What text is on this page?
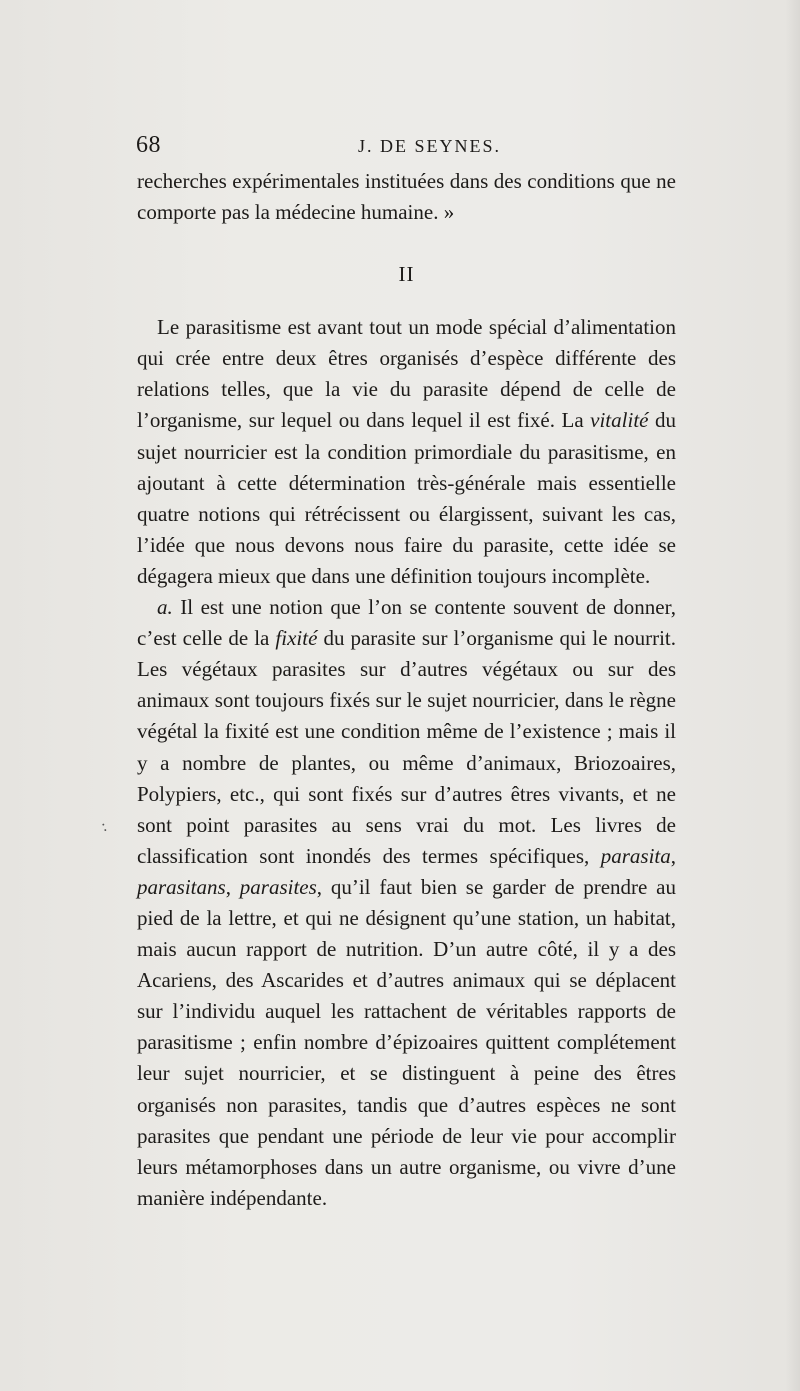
68	J. DE SEYNES.
:

recherches expérimentales instituées dans des conditions que ne comporte pas la médecine humaine. »

II

Le parasitisme est avant tout un mode spécial d’alimentation qui crée entre deux êtres organisés d’espèce différente des relations telles, que la vie du parasite dépend de celle de l’organisme, sur lequel ou dans lequel il est fixé. La vitalité du sujet nourricier est la condition primordiale du parasitisme, en ajoutant à cette détermination très-générale mais essentielle quatre notions qui rétrécissent ou élargissent, suivant les cas, l’idée que nous devons nous faire du parasite, cette idée se dégagera mieux que dans une définition toujours incomplète.

a. Il est une notion que l’on se contente souvent de donner, c’est celle de la fixité du parasite sur l’organisme qui le nourrit. Les végétaux parasites sur d’autres végétaux ou sur des animaux sont toujours fixés sur le sujet nourricier, dans le règne végétal la fixité est une condition même de l’existence ; mais il y a nombre de plantes, ou même d’animaux, Briozoaires, Polypiers, etc., qui sont fixés sur d’autres êtres vivants, et ne sont point parasites au sens vrai du mot. Les livres de classification sont inondés des termes spécifiques, parasita, parasitans, parasites, qu’il faut bien se garder de prendre au pied de la lettre, et qui ne désignent qu’une station, un habitat, mais aucun rapport de nutrition. D’un autre côté, il y a des Acariens, des Ascarides et d’autres animaux qui se déplacent sur l’individu auquel les rattachent de véritables rapports de parasitisme ; enfin nombre d’épizoaires quittent complétement leur sujet nourricier, et se distinguent à peine des êtres organisés non parasites, tandis que d’autres espèces ne sont parasites que pendant une période de leur vie pour accomplir leurs métamorphoses dans un autre organisme, ou vivre d’une manière indépendante.
